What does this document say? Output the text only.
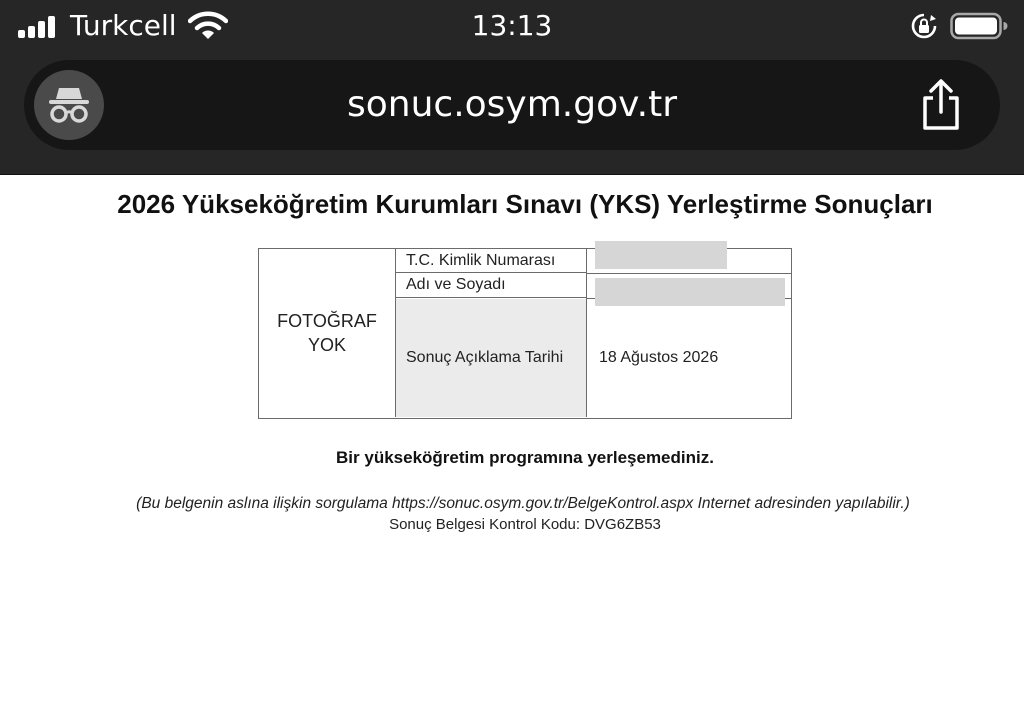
Turkcell	13:13
sonuc.osym.gov.tr
2026 Yükseköğretim Kurumları Sınavı (YKS) Yerleştirme Sonuçları
FOTOĞRAF YOK
T.C. Kimlik Numarası
Adı ve Soyadı
Sonuç Açıklama Tarihi	18 Ağustos 2026
Bir yükseköğretim programına yerleşemediniz.
(Bu belgenin aslına ilişkin sorgulama https://sonuc.osym.gov.tr/BelgeKontrol.aspx Internet adresinden yapılabilir.)
Sonuç Belgesi Kontrol Kodu: DVG6ZB53
